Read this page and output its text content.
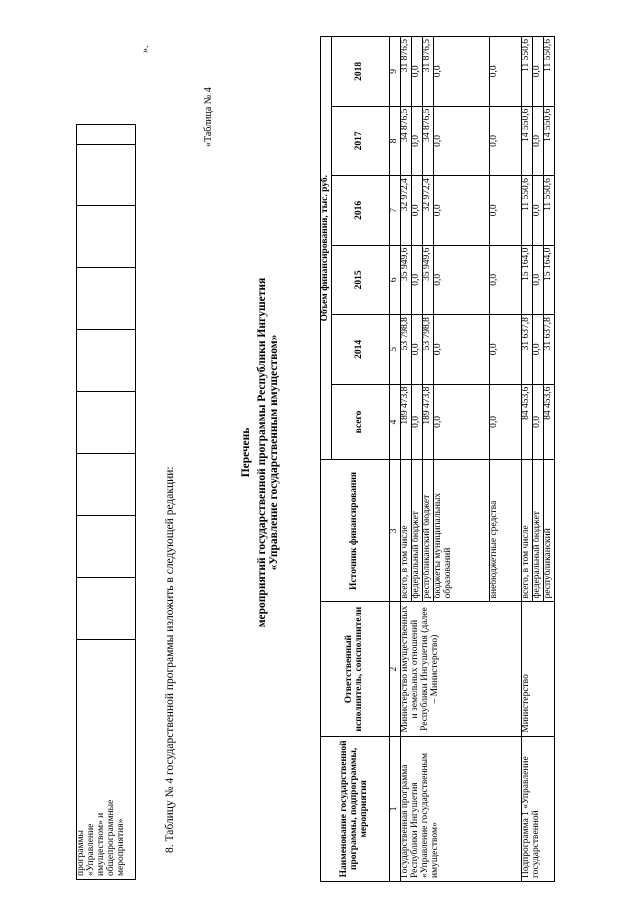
программы «Управление имуществом» и общепрограммные мероприятия»

».
8. Таблицу № 4 государственной программы изложить в следующей редакции:
«Таблица № 4
Перечень мероприятий государственной программы Республики Ингушетия «Управление государственным имуществом»
Наименование государственной программы, подпрограммы, мероприятия	Ответственный исполнитель, соисполнители	Источник финансирования	Объем финансирования, тыс. руб.					
			всего	2014	2015	2016	2017	2018
1	2	3	4	5	6	7	8	9
Государственная программа Республики Ингушетия «Управление государственным имуществом»	Министерство имущественных и земельных отношений Республики Ингушетия (далее – Министерство)	всего, в том числе	189 473,8	53 798,8	35 949,6	32 972,4	34 876,5	31 876,5
		федеральный бюджет	0,0	0,0	0,0	0,0	0,0	0,0
		республиканский бюджет	189 473,8	53 798,8	35 949,6	32 972,4	34 876,5	31 876,5
		бюджеты муниципальных образований	0,0	0,0	0,0	0,0	0,0	0,0
		внебюджетные средства	0,0	0,0	0,0	0,0	0,0	0,0
Подпрограмма 1 «Управление государственной	Министерство	всего, в том числе	84 453,6	31 637,8	15 164,0	11 550,6	14 550,6	11 550,6
		федеральный бюджет	0,0	0,0	0,0	0,0	0,0	0,0
		республиканский	84 453,6	31 637,8	15 164,0	11 550,6	14 550,6	11 550,6
